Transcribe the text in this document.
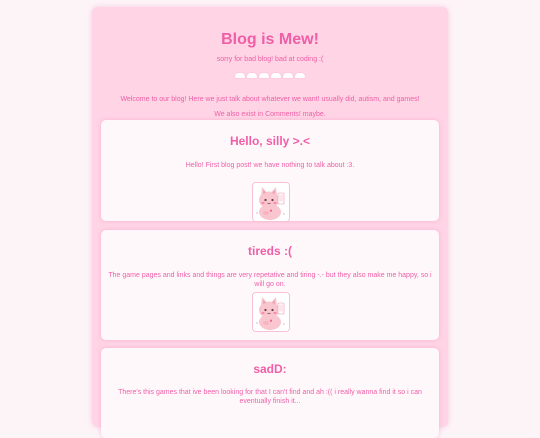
Blog is Mew!
sorry for bad blog! bad at coding :(
Welcome to our blog! Here we just talk about whatever we want! usually did, autism, and games!
We also exist in Comments! maybe.
Hello, silly >.<
Hello! First blog post! we have nothing to talk about :3.
tireds :(
The game pages and links and things are very repetative and tiring -.- but they also make me happy, so i will go on.
sadD:
There's this games that ive been looking for that I can't find and ah :(( i really wanna find it so i can eventually finish it...
